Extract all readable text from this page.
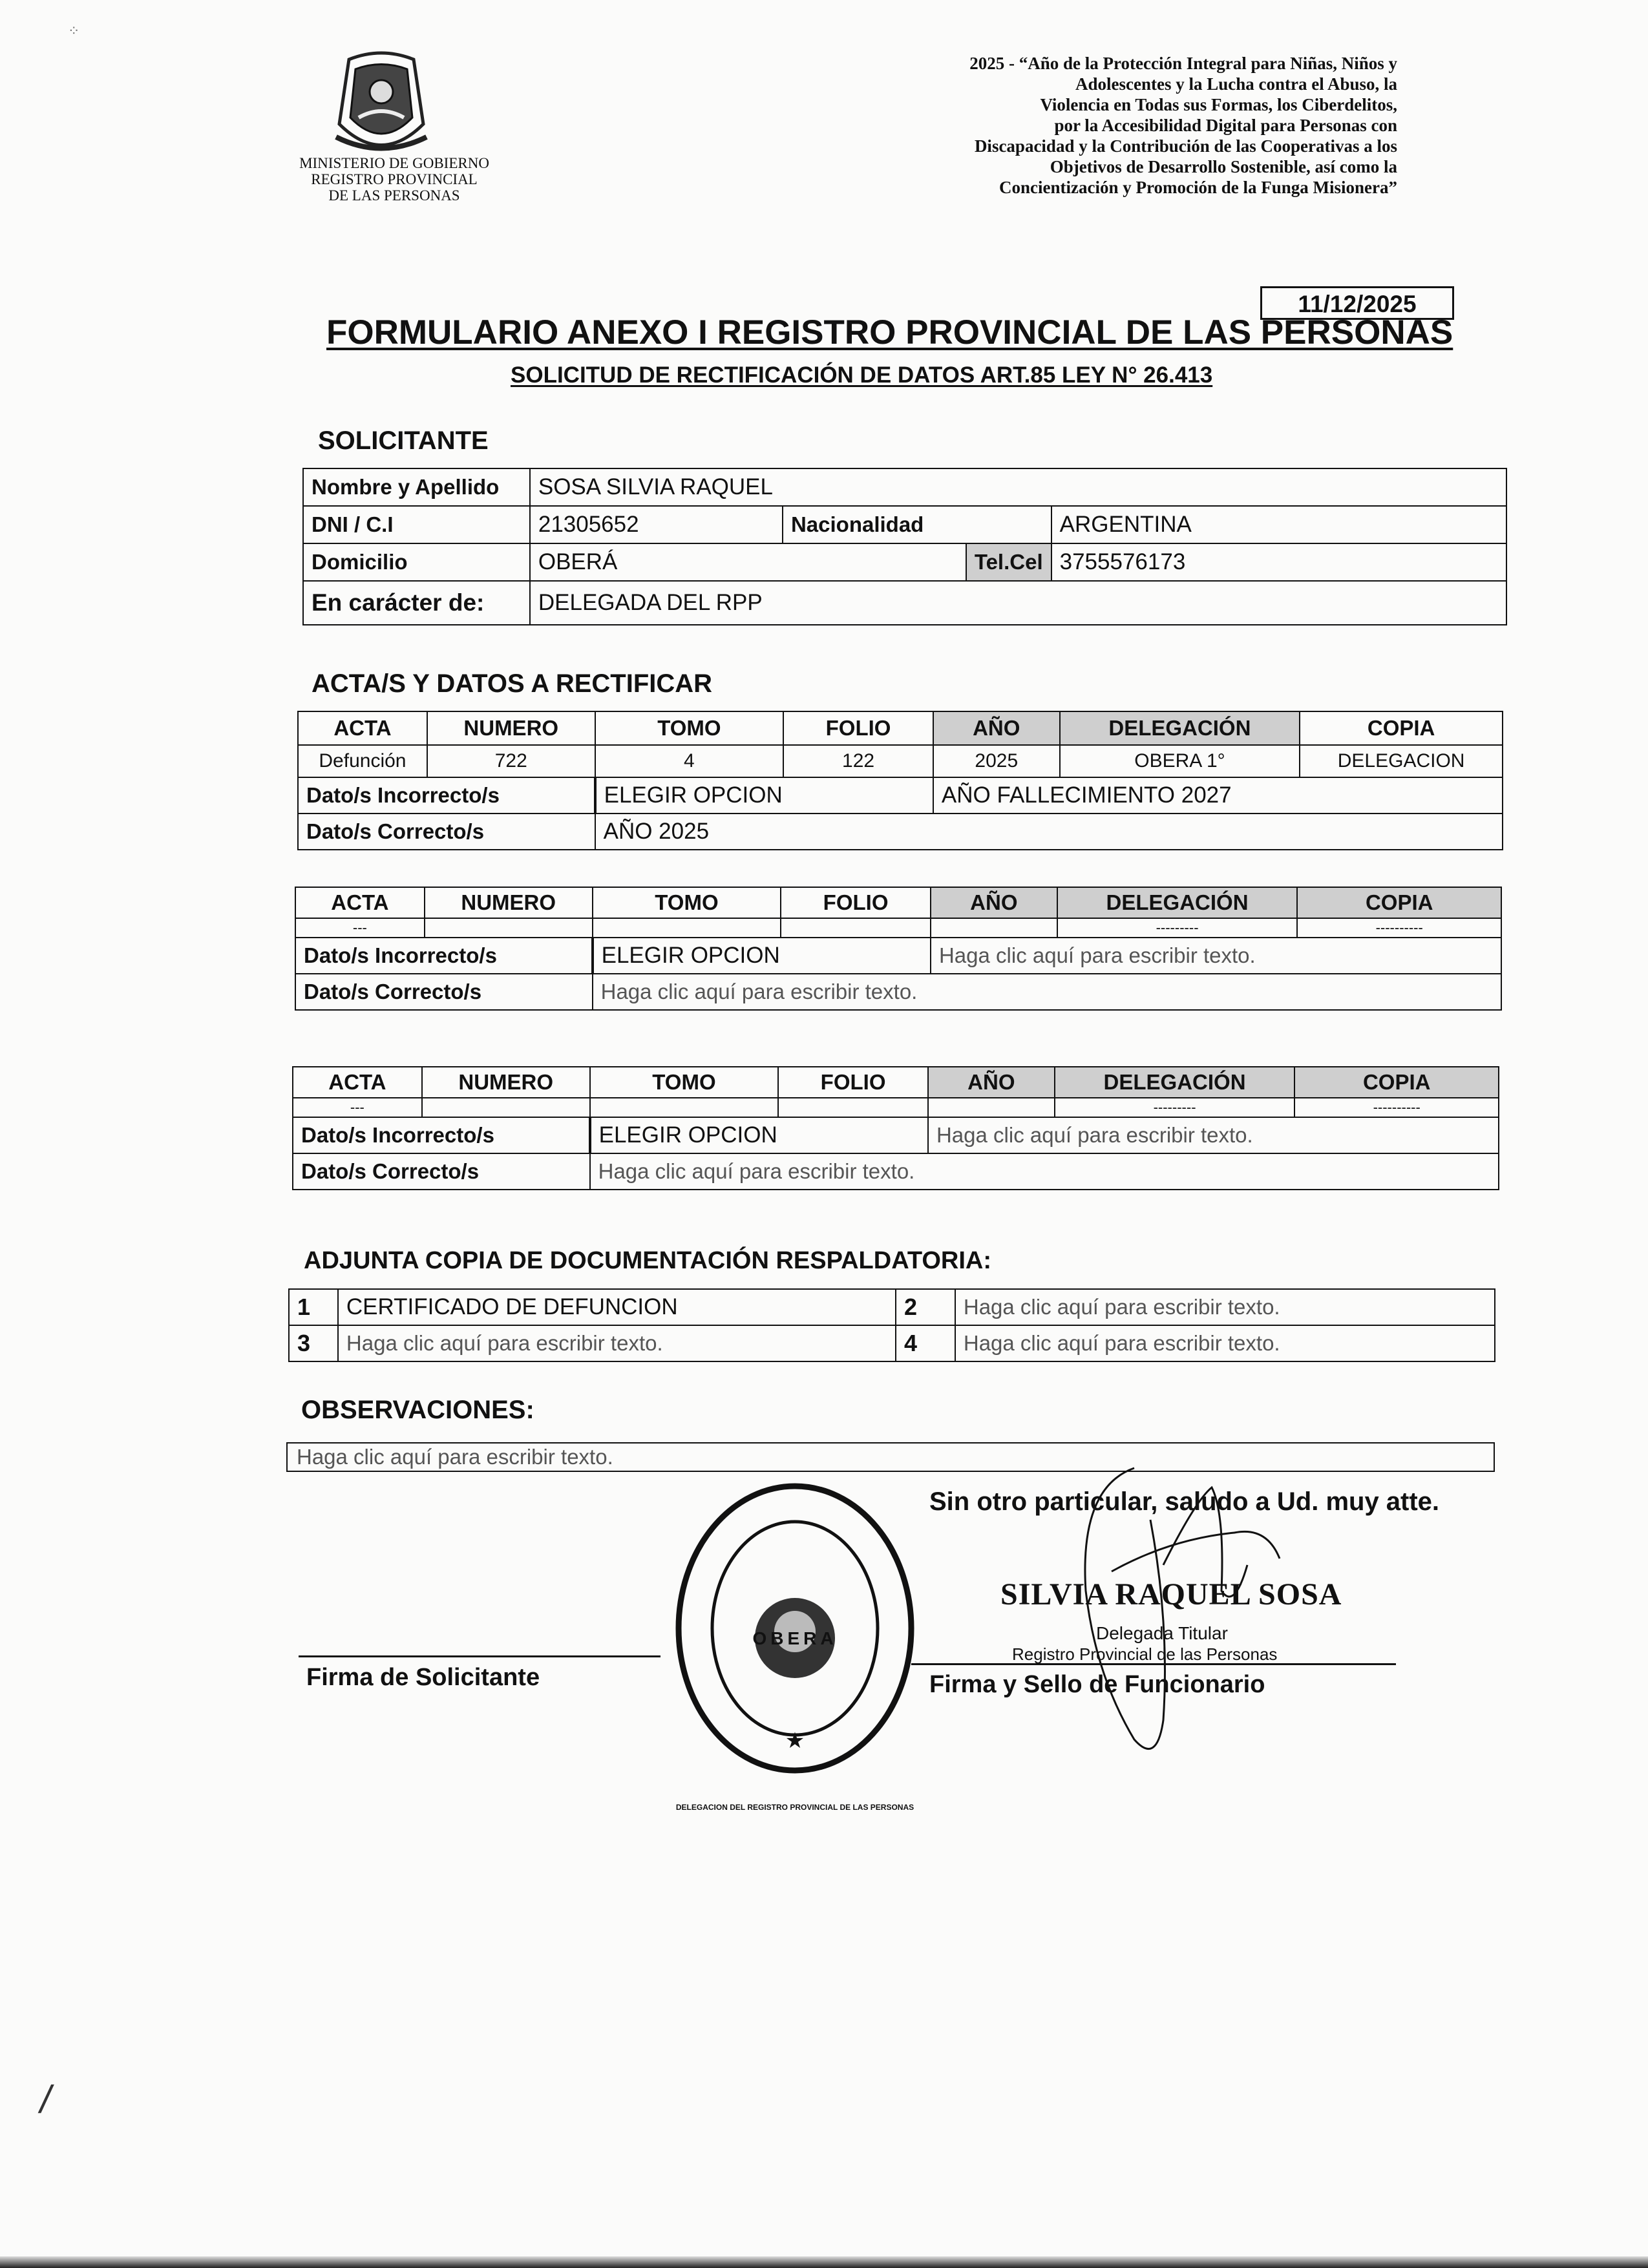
MINISTERIO DE GOBIERNO
REGISTRO PROVINCIAL
DE LAS PERSONAS
2025 - “Año de la Protección Integral para Niñas, Niños y
Adolescentes y la Lucha contra el Abuso, la
Violencia en Todas sus Formas, los Ciberdelitos,
por la Accesibilidad Digital para Personas con
Discapacidad y la Contribución de las Cooperativas a los
Objetivos de Desarrollo Sostenible, así como la
Concientización y Promoción de la Funga Misionera”
11/12/2025
FORMULARIO ANEXO I REGISTRO PROVINCIAL DE LAS PERSONAS
SOLICITUD DE RECTIFICACIÓN DE DATOS ART.85 LEY N° 26.413
SOLICITANTE
Nombre y Apellido	SOSA SILVIA RAQUEL			
DNI / C.I	21305652	Nacionalidad		ARGENTINA
Domicilio	OBERÁ		Tel.Cel	3755576173
En carácter de:	DELEGADA DEL RPP			
ACTA/S Y DATOS A RECTIFICAR
ACTA	NUMERO	TOMO	FOLIO	AÑO	DELEGACIÓN	COPIA
Defunción	722	4	122	2025	OBERA 1°	DELEGACION
Dato/s Incorrecto/s		ELEGIR OPCION		AÑO FALLECIMIENTO 2027		
Dato/s Correcto/s		AÑO 2025				
ACTA	NUMERO	TOMO	FOLIO	AÑO	DELEGACIÓN	COPIA
---					---------	----------
Dato/s Incorrecto/s		ELEGIR OPCION		Haga clic aquí para escribir texto.		
Dato/s Correcto/s		Haga clic aquí para escribir texto.				
ACTA	NUMERO	TOMO	FOLIO	AÑO	DELEGACIÓN	COPIA
---					---------	----------
Dato/s Incorrecto/s		ELEGIR OPCION		Haga clic aquí para escribir texto.		
Dato/s Correcto/s		Haga clic aquí para escribir texto.				
ADJUNTA COPIA DE DOCUMENTACIÓN RESPALDATORIA:
1	CERTIFICADO DE DEFUNCION	2	Haga clic aquí para escribir texto.
3	Haga clic aquí para escribir texto.	4	Haga clic aquí para escribir texto.
OBSERVACIONES:
Haga clic aquí para escribir texto.
Sin otro particular, saludo a Ud. muy atte.
Firma de Solicitante	Firma y Sello de Funcionario
★
OBERA
DELEGACION DEL REGISTRO PROVINCIAL DE LAS PERSONAS
SILVIA RAQUEL SOSA
Delegada Titular
Registro Provincial de las Personas
⁘
/
